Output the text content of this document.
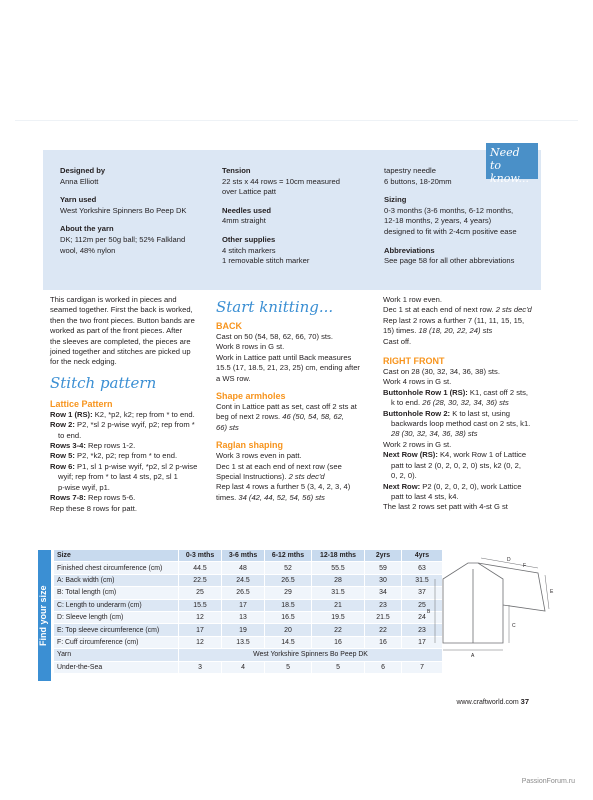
Need to know...
Designed by
Anna Elliott
Yarn used
West Yorkshire Spinners Bo Peep DK
About the yarn
DK; 112m per 50g ball; 52% Falkland
wool, 48% nylon
Tension
22 sts x 44 rows = 10cm measured
over Lattice patt
Needles used
4mm straight
Other supplies
4 stitch markers
1 removable stitch marker
tapestry needle
6 buttons, 18-20mm
Sizing
0-3 months (3-6 months, 6-12 months,
12-18 months, 2 years, 4 years)
designed to fit with 2-4cm positive ease
Abbreviations
See page 58 for all other abbreviations

This cardigan is worked in pieces and

seamed together. First the back is worked,

then the two front pieces. Button bands are

worked as part of the front pieces. After

the sleeves are completed, the pieces are

joined together and stitches are picked up

for the neck edging.

Stitch pattern
Lattice Pattern

Row 1 (RS): K2, *p2, k2; rep from * to end.

Row 2: P2, *sl 2 p-wise wyif, p2; rep from *

to end.

Rows 3-4: Rep rows 1-2.

Row 5: P2, *k2, p2; rep from * to end.

Row 6: P1, sl 1 p-wise wyif, *p2, sl 2 p-wise

wyif; rep from * to last 4 sts, p2, sl 1

p-wise wyif, p1.

Rows 7-8: Rep rows 5-6.

Rep these 8 rows for patt.

Start knitting...
BACK

Cast on 50 (54, 58, 62, 66, 70) sts.

Work 8 rows in G st.

Work in Lattice patt until Back measures

15.5 (17, 18.5, 21, 23, 25) cm, ending after

a WS row.

Shape armholes

Cont in Lattice patt as set, cast off 2 sts at

beg of next 2 rows. 46 (50, 54, 58, 62,

66) sts

Raglan shaping

Work 3 rows even in patt.

Dec 1 st at each end of next row (see

Special Instructions). 2 sts dec'd

Rep last 4 rows a further 5 (3, 4, 2, 3, 4)

times. 34 (42, 44, 52, 54, 56) sts

Work 1 row even.

Dec 1 st at each end of next row. 2 sts dec'd

Rep last 2 rows a further 7 (11, 11, 15, 15,

15) times. 18 (18, 20, 22, 24) sts

Cast off.

RIGHT FRONT

Cast on 28 (30, 32, 34, 36, 38) sts.

Work 4 rows in G st.

Buttonhole Row 1 (RS): K1, cast off 2 sts,

k to end. 26 (28, 30, 32, 34, 36) sts

Buttonhole Row 2: K to last st, using

backwards loop method cast on 2 sts, k1.

28 (30, 32, 34, 36, 38) sts

Work 2 rows in G st.

Next Row (RS): K4, work Row 1 of Lattice

patt to last 2 (0, 2, 0, 2, 0) sts, k2 (0, 2,

0, 2, 0).

Next Row: P2 (0, 2, 0, 2, 0), work Lattice

patt to last 4 sts, k4.

The last 2 rows set patt with 4-st G st

Find your size
Size	0-3 mths	3-6 mths	6-12 mths	12-18 mths	2yrs	4yrs
Finished chest circumference (cm)	44.5	48	52	55.5	59	63
A: Back width (cm)	22.5	24.5	26.5	28	30	31.5
B: Total length (cm)	25	26.5	29	31.5	34	37
C: Length to underarm (cm)	15.5	17	18.5	21	23	25
D: Sleeve length (cm)	12	13	16.5	19.5	21.5	24
E: Top sleeve circumference (cm)	17	19	20	22	22	23
F: Cuff circumference (cm)	12	13.5	14.5	16	16	17
Yarn	West Yorkshire Spinners Bo Peep DK					
Under-the-Sea	3	4	5	5	6	7
D
F
E
B
C
A
www.craftworld.com 37
PassionForum.ru
